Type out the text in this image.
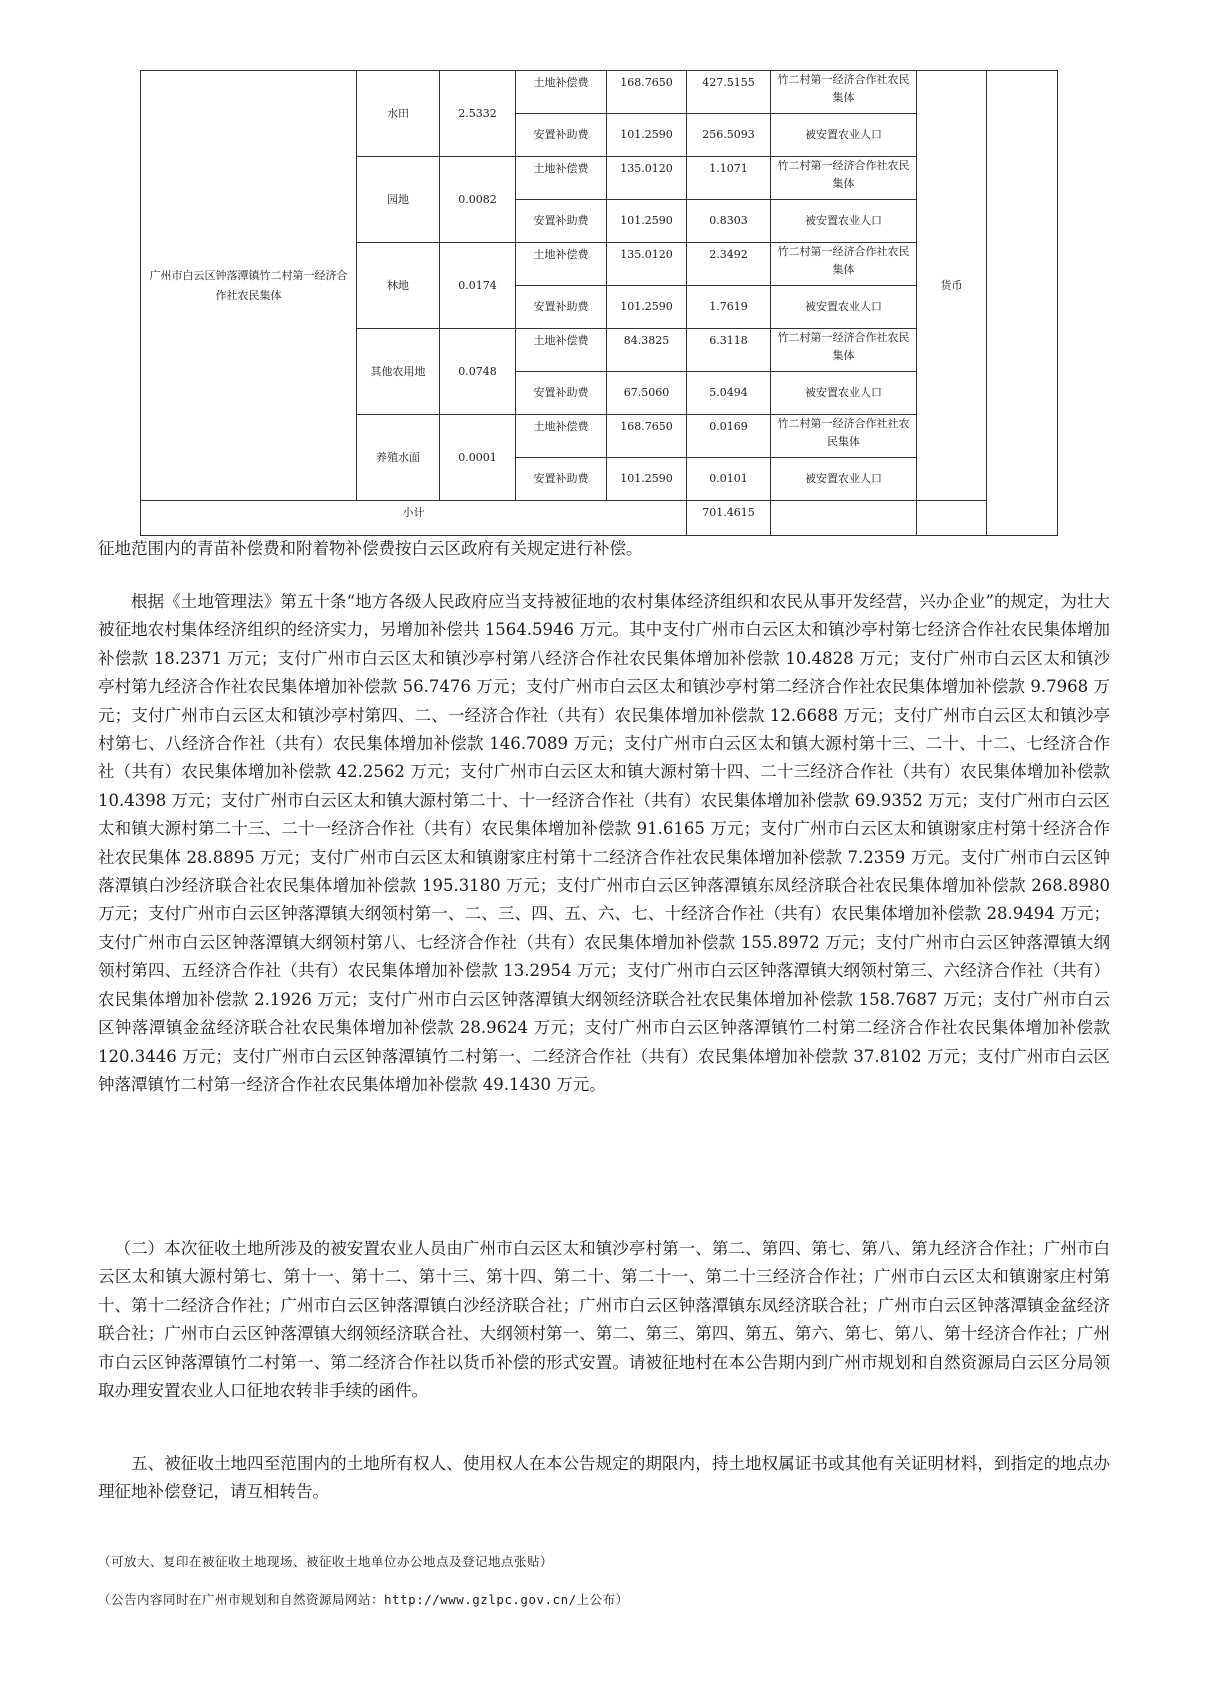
广州市白云区钟落潭镇竹二村第一经济合作社农民集体	水田	2.5332	土地补偿费	168.7650	427.5155	竹二村第一经济合作社农民集体	货币	
			安置补助费	101.2590	256.5093	被安置农业人口		
	园地	0.0082	土地补偿费	135.0120	1.1071	竹二村第一经济合作社农民集体		
			安置补助费	101.2590	0.8303	被安置农业人口		
	林地	0.0174	土地补偿费	135.0120	2.3492	竹二村第一经济合作社农民集体		
			安置补助费	101.2590	1.7619	被安置农业人口		
	其他农用地	0.0748	土地补偿费	84.3825	6.3118	竹二村第一经济合作社农民集体		
			安置补助费	67.5060	5.0494	被安置农业人口		
	养殖水面	0.0001	土地补偿费	168.7650	0.0169	竹二村第一经济合作社社农民集体		
			安置补助费	101.2590	0.0101	被安置农业人口		
小计					701.4615			
征地范围内的青苗补偿费和附着物补偿费按白云区政府有关规定进行补偿。
根据《土地管理法》第五十条“地方各级人民政府应当支持被征地的农村集体经济组织和农民从事开发经营，兴办企业”的规定，为壮大被征地农村集体经济组织的经济实力，另增加补偿共 1564.5946 万元。其中支付广州市白云区太和镇沙亭村第七经济合作社农民集体增加补偿款 18.2371 万元；支付广州市白云区太和镇沙亭村第八经济合作社农民集体增加补偿款 10.4828 万元；支付广州市白云区太和镇沙亭村第九经济合作社农民集体增加补偿款 56.7476 万元；支付广州市白云区太和镇沙亭村第二经济合作社农民集体增加补偿款 9.7968 万元；支付广州市白云区太和镇沙亭村第四、二、一经济合作社（共有）农民集体增加补偿款 12.6688 万元；支付广州市白云区太和镇沙亭村第七、八经济合作社（共有）农民集体增加补偿款 146.7089 万元；支付广州市白云区太和镇大源村第十三、二十、十二、七经济合作社（共有）农民集体增加补偿款 42.2562 万元；支付广州市白云区太和镇大源村第十四、二十三经济合作社（共有）农民集体增加补偿款 10.4398 万元；支付广州市白云区太和镇大源村第二十、十一经济合作社（共有）农民集体增加补偿款 69.9352 万元；支付广州市白云区太和镇大源村第二十三、二十一经济合作社（共有）农民集体增加补偿款 91.6165 万元；支付广州市白云区太和镇谢家庄村第十经济合作社农民集体 28.8895 万元；支付广州市白云区太和镇谢家庄村第十二经济合作社农民集体增加补偿款 7.2359 万元。支付广州市白云区钟落潭镇白沙经济联合社农民集体增加补偿款 195.3180 万元；支付广州市白云区钟落潭镇东凤经济联合社农民集体增加补偿款 268.8980 万元；支付广州市白云区钟落潭镇大纲领村第一、二、三、四、五、六、七、十经济合作社（共有）农民集体增加补偿款 28.9494 万元；支付广州市白云区钟落潭镇大纲领村第八、七经济合作社（共有）农民集体增加补偿款 155.8972 万元；支付广州市白云区钟落潭镇大纲领村第四、五经济合作社（共有）农民集体增加补偿款 13.2954 万元；支付广州市白云区钟落潭镇大纲领村第三、六经济合作社（共有）农民集体增加补偿款 2.1926 万元；支付广州市白云区钟落潭镇大纲领经济联合社农民集体增加补偿款 158.7687 万元；支付广州市白云区钟落潭镇金盆经济联合社农民集体增加补偿款 28.9624 万元；支付广州市白云区钟落潭镇竹二村第二经济合作社农民集体增加补偿款 120.3446 万元；支付广州市白云区钟落潭镇竹二村第一、二经济合作社（共有）农民集体增加补偿款 37.8102 万元；支付广州市白云区钟落潭镇竹二村第一经济合作社农民集体增加补偿款 49.1430 万元。
（二）本次征收土地所涉及的被安置农业人员由广州市白云区太和镇沙亭村第一、第二、第四、第七、第八、第九经济合作社；广州市白云区太和镇大源村第七、第十一、第十二、第十三、第十四、第二十、第二十一、第二十三经济合作社；广州市白云区太和镇谢家庄村第十、第十二经济合作社；广州市白云区钟落潭镇白沙经济联合社；广州市白云区钟落潭镇东凤经济联合社；广州市白云区钟落潭镇金盆经济联合社；广州市白云区钟落潭镇大纲领经济联合社、大纲领村第一、第二、第三、第四、第五、第六、第七、第八、第十经济合作社；广州市白云区钟落潭镇竹二村第一、第二经济合作社以货币补偿的形式安置。请被征地村在本公告期内到广州市规划和自然资源局白云区分局领取办理安置农业人口征地农转非手续的函件。
五、被征收土地四至范围内的土地所有权人、使用权人在本公告规定的期限内，持土地权属证书或其他有关证明材料，到指定的地点办理征地补偿登记，请互相转告。
（可放大、复印在被征收土地现场、被征收土地单位办公地点及登记地点张贴）
（公告内容同时在广州市规划和自然资源局网站：http://www.gzlpc.gov.cn/上公布）
